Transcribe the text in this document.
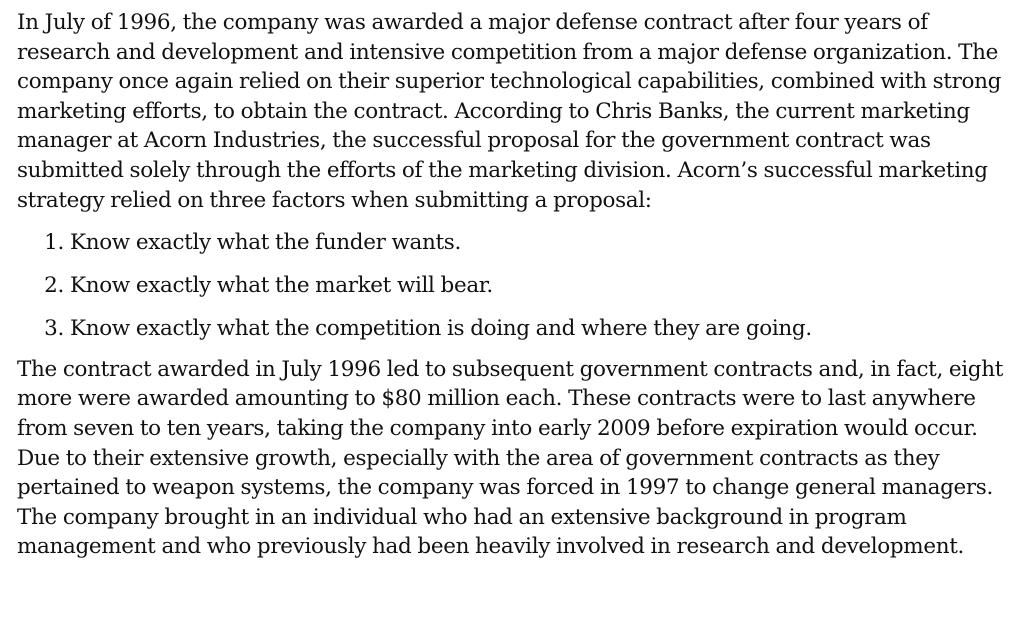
In July of 1996, the company was awarded a major defense contract after four years of research and development and intensive competition from a major defense organization. The company once again relied on their superior technological capabilities, combined with strong marketing efforts, to obtain the contract. According to Chris Banks, the current marketing manager at Acorn Industries, the successful proposal for the government contract was submitted solely through the efforts of the marketing division. Acorn’s successful marketing strategy relied on three factors when submitting a proposal:

1. Know exactly what the funder wants.
2. Know exactly what the market will bear.
3. Know exactly what the competition is doing and where they are going.

The contract awarded in July 1996 led to subsequent government contracts and, in fact, eight more were awarded amounting to $80 million each. These contracts were to last anywhere from seven to ten years, taking the company into early 2009 before expiration would occur. Due to their extensive growth, especially with the area of government contracts as they pertained to weapon systems, the company was forced in 1997 to change general managers. The company brought in an individual who had an extensive background in program management and who previously had been heavily involved in research and development.
